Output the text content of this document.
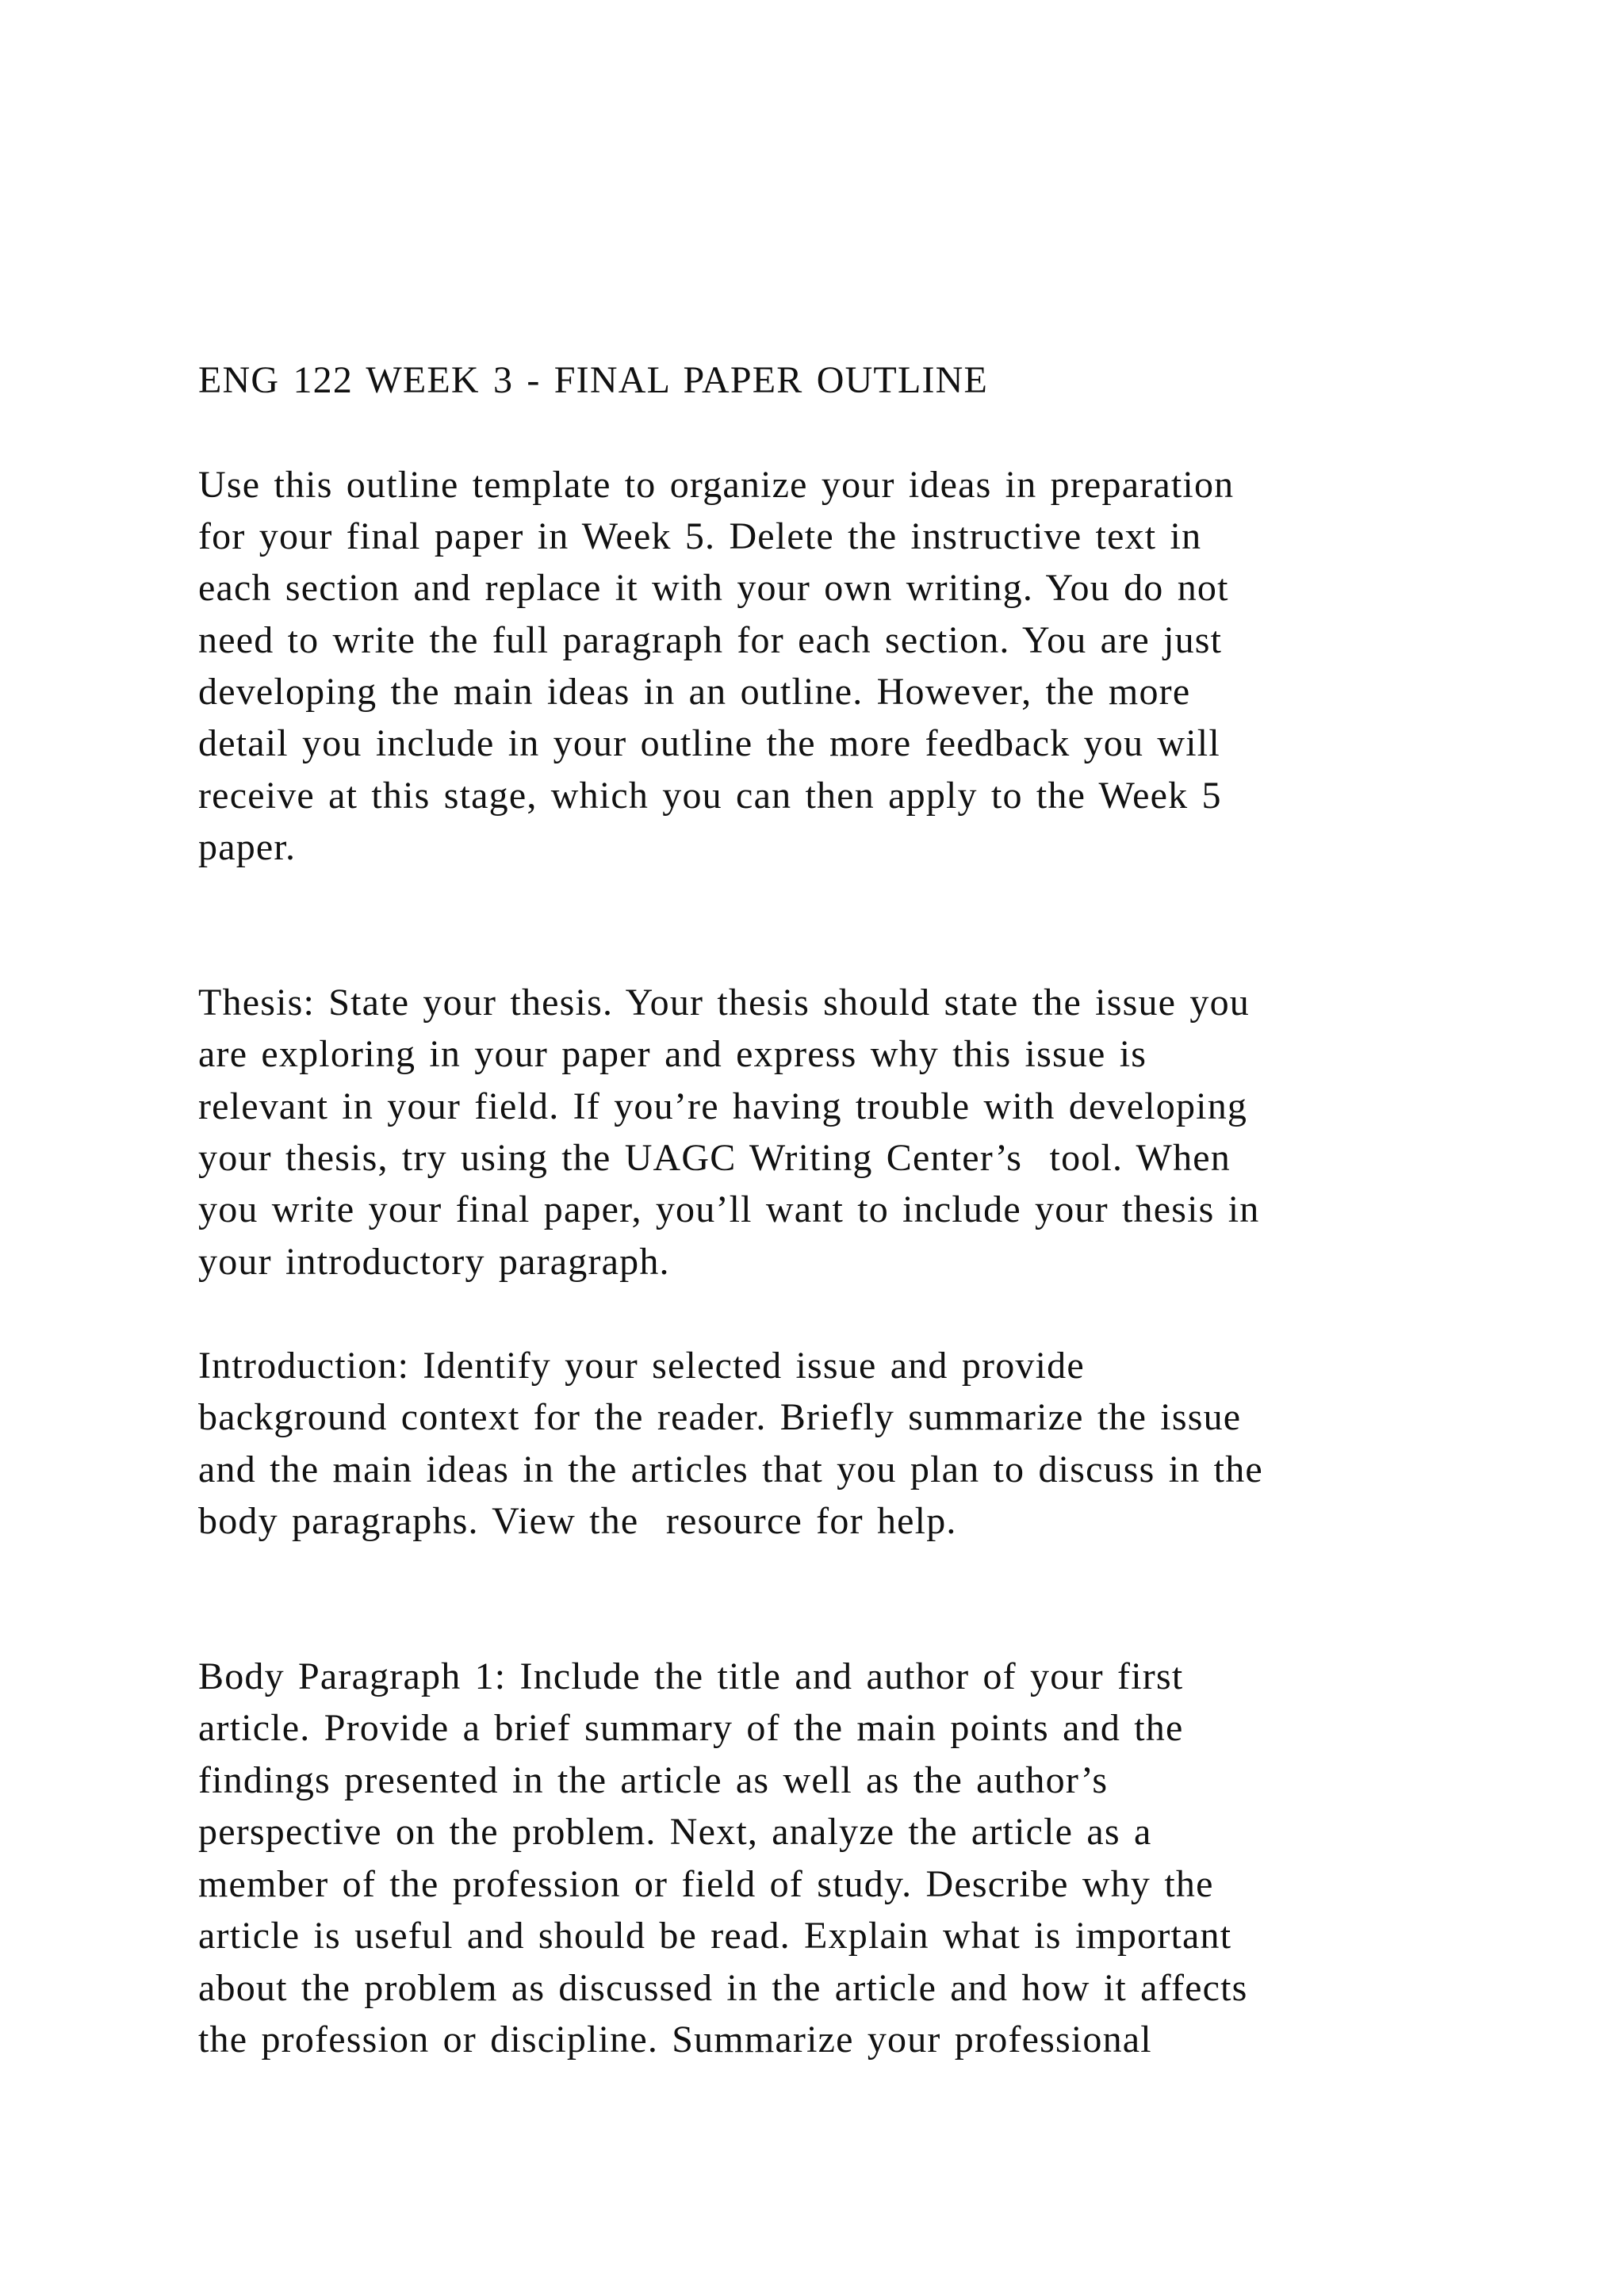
ENG 122 WEEK 3 - FINAL PAPER OUTLINE

Use this outline template to organize your ideas in preparation

for your final paper in Week 5. Delete the instructive text in

each section and replace it with your own writing. You do not

need to write the full paragraph for each section. You are just

developing the main ideas in an outline. However, the more

detail you include in your outline the more feedback you will

receive at this stage, which you can then apply to the Week 5

paper.

Thesis: State your thesis. Your thesis should state the issue you

are exploring in your paper and express why this issue is

relevant in your field. If you’re having trouble with developing

your thesis, try using the UAGC Writing Center’s  tool. When

you write your final paper, you’ll want to include your thesis in

your introductory paragraph.

Introduction: Identify your selected issue and provide

background context for the reader. Briefly summarize the issue

and the main ideas in the articles that you plan to discuss in the

body paragraphs. View the  resource for help.

Body Paragraph 1: Include the title and author of your first

article. Provide a brief summary of the main points and the

findings presented in the article as well as the author’s

perspective on the problem. Next, analyze the article as a

member of the profession or field of study. Describe why the

article is useful and should be read. Explain what is important

about the problem as discussed in the article and how it affects

the profession or discipline. Summarize your professional
